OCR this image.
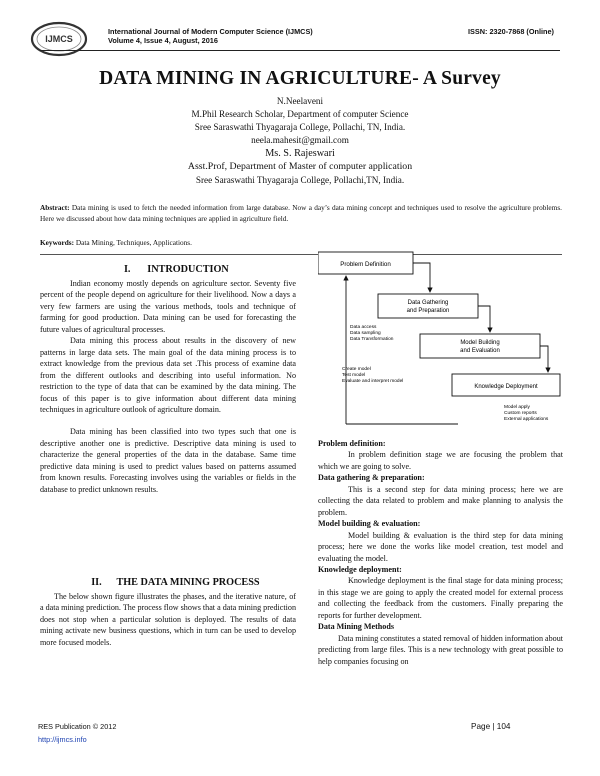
IJMCS
International Journal of Modern Computer Science (IJMCS)
Volume 4, Issue 4, August, 2016
ISSN: 2320-7868 (Online)
DATA MINING IN AGRICULTURE- A Survey
N.Neelaveni
M.Phil Research Scholar, Department of computer Science
Sree Saraswathi Thyagaraja College, Pollachi, TN, India.
neela.mahesit@gmail.com
Ms. S. Rajeswari
Asst.Prof, Department of Master of computer application
Sree Saraswathi Thyagaraja College, Pollachi,TN, India.
Abstract: Data mining is used to fetch the needed information from large database. Now a day’s data mining concept and techniques used to resolve the agriculture problems. Here we discussed about how data mining techniques are applied in agriculture field.
Keywords: Data Mining, Techniques, Applications.
I. INTRODUCTION

Indian economy mostly depends on agriculture sector. Seventy five percent of the people depend on agriculture for their livelihood. Now a days a very few farmers are using the various methods, tools and technique of farming for good production. Data mining can be used for forecasting the future values of agricultural processes.

Data mining this process about results in the discovery of new patterns in large data sets. The main goal of the data mining process is to extract knowledge from the previous data set .This process of examine data from the different outlooks and describing into useful information. No restriction to the type of data that can be examined by the data mining. The focus of this paper is to give information about different data mining techniques in agriculture outlook of agriculture domain.

Data mining has been classified into two types such that one is descriptive another one is predictive. Descriptive data mining is used to characterize the general properties of the data in the database. Same time predictive data mining is used to predict values based on patterns assumed from known results. Forecasting involves using the variables or fields in the database to predict unknown results.

II. THE DATA MINING PROCESS

The below shown figure illustrates the phases, and the iterative nature, of a data mining prediction. The process flow shows that a data mining prediction does not stop when a particular solution is deployed. The results of data mining activate new business questions, which in turn can be used to develop more focused models.

Problem Definition
Data Gathering
and Preparation
Data access
Data sampling
Data Transformation
Model Building
and Evaluation
Create model
Test model
Evaluate and interpret model
Knowledge Deployment
Model apply
Custom reports
External applications
Problem definition:

In problem definition stage we are focusing the problem that which we are going to solve.

Data gathering & preparation:

This is a second step for data mining process; here we are collecting the data related to problem and make planning to analysis the problem.

Model building & evaluation:

Model building & evaluation is the third step for data mining process; here we done the works like model creation, test model and evaluating the model.

Knowledge deployment:

Knowledge deployment is the final stage for data mining process; in this stage we are going to apply the created model for external process and collecting the feedback from the customers. Finally preparing the reports for further development.

Data Mining Methods

Data mining constitutes a stated removal of hidden information about predicting from large files. This is a new technology with great possible to help companies focusing on

RES Publication © 2012
http://ijmcs.info
Page | 104
